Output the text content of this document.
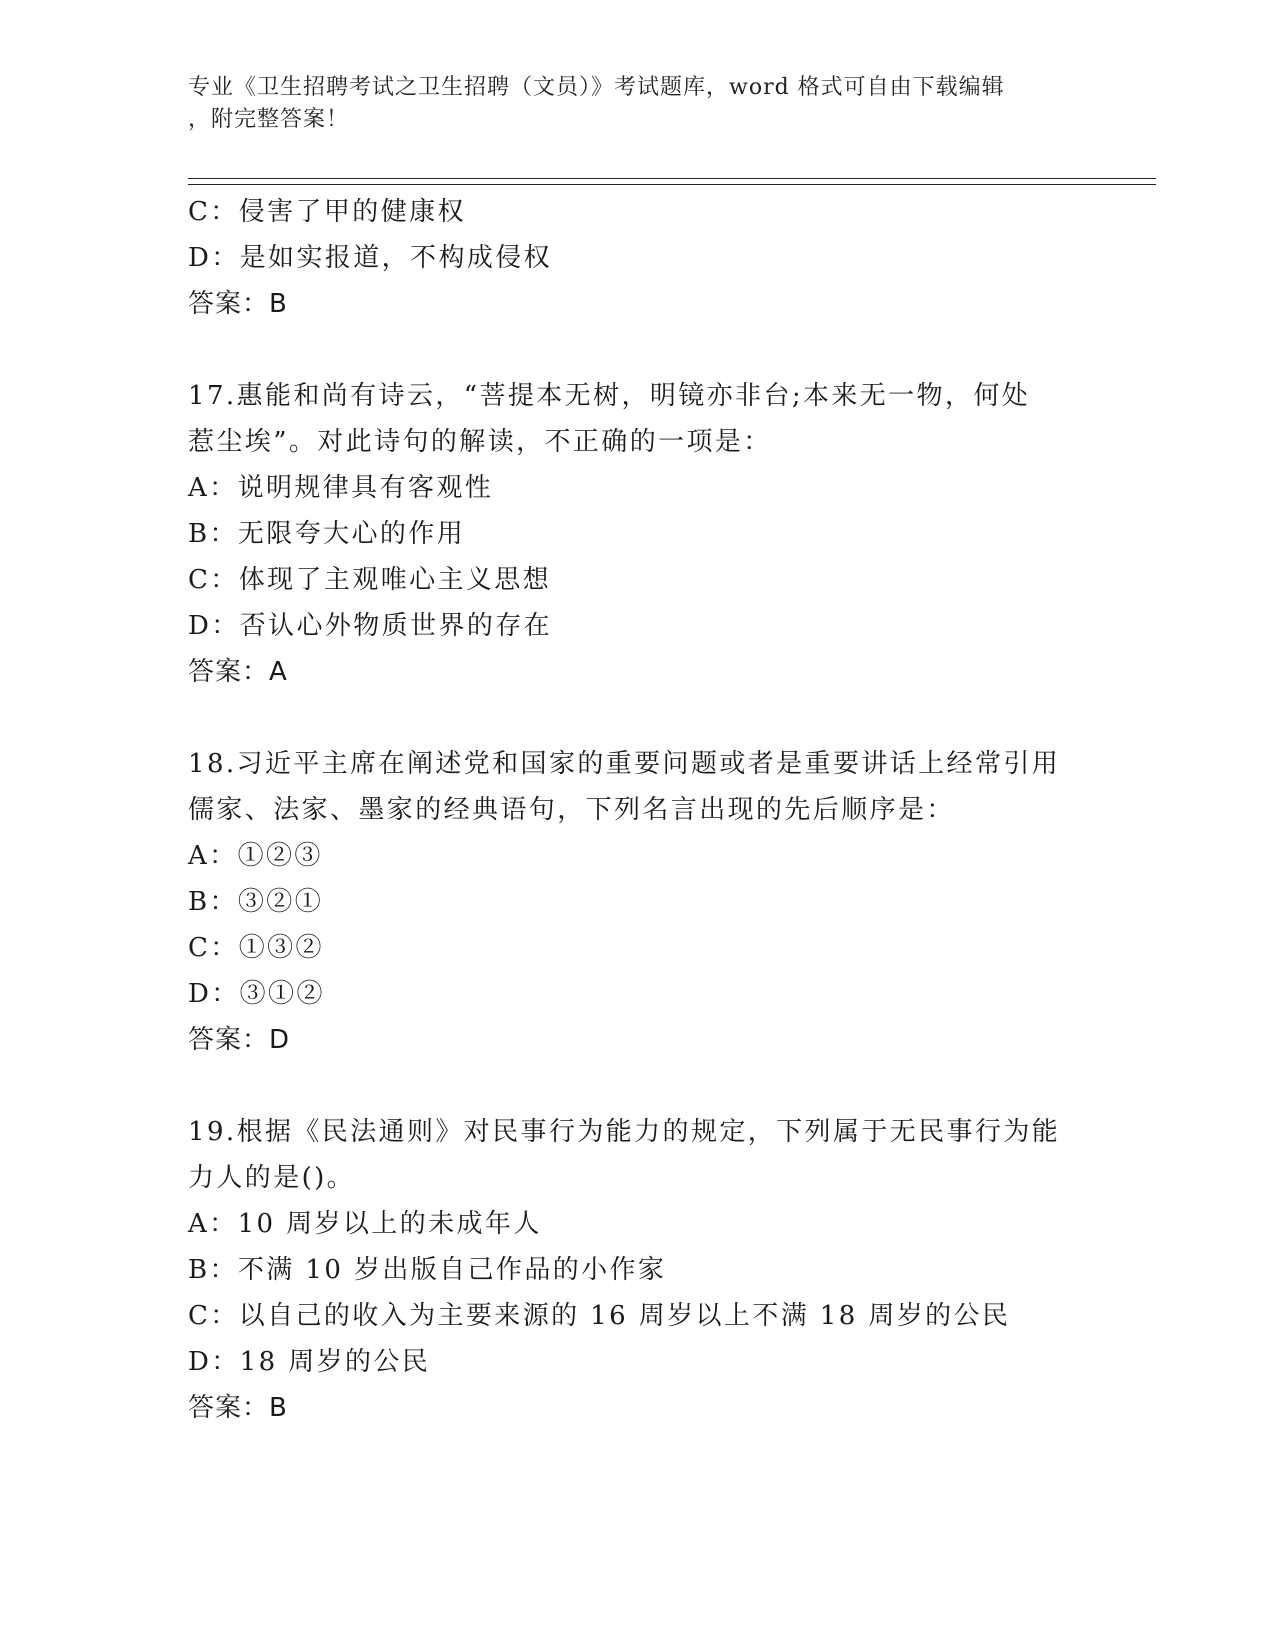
专业《卫生招聘考试之卫生招聘（文员）》考试题库，word 格式可自由下载编辑
，附完整答案！
C：侵害了甲的健康权
D：是如实报道，不构成侵权
答案：B
17.惠能和尚有诗云，“菩提本无树，明镜亦非台;本来无一物，何处
惹尘埃”。对此诗句的解读，不正确的一项是：
A：说明规律具有客观性
B：无限夸大心的作用
C：体现了主观唯心主义思想
D：否认心外物质世界的存在
答案：A
18.习近平主席在阐述党和国家的重要问题或者是重要讲话上经常引用
儒家、法家、墨家的经典语句，下列名言出现的先后顺序是：
A：①②③
B：③②①
C：①③②
D：③①②
答案：D
19.根据《民法通则》对民事行为能力的规定，下列属于无民事行为能
力人的是()。
A：10 周岁以上的未成年人
B：不满 10 岁出版自己作品的小作家
C：以自己的收入为主要来源的 16 周岁以上不满 18 周岁的公民
D：18 周岁的公民
答案：B
